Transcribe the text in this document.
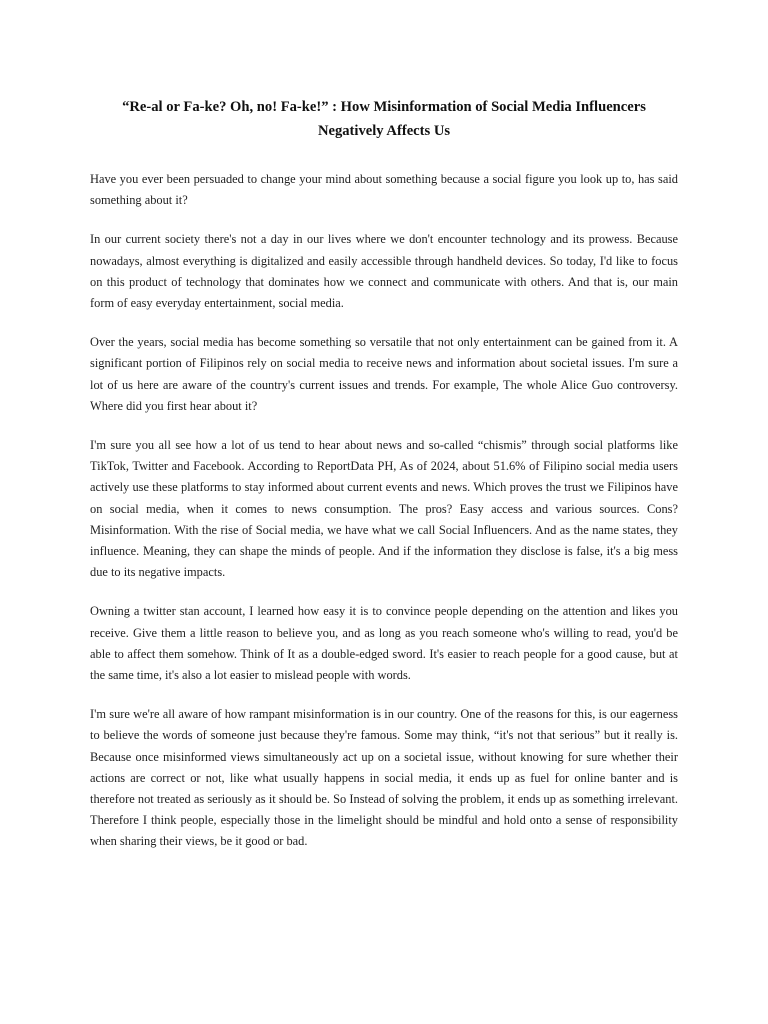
“Re-al or Fa-ke? Oh, no! Fa-ke!” : How Misinformation of Social Media Influencers Negatively Affects Us

Have you ever been persuaded to change your mind about something because a social figure you look up to, has said something about it?

In our current society there's not a day in our lives where we don't encounter technology and its prowess. Because nowadays, almost everything is digitalized and easily accessible through handheld devices. So today, I'd like to focus on this product of technology that dominates how we connect and communicate with others. And that is, our main form of easy everyday entertainment, social media.

Over the years, social media has become something so versatile that not only entertainment can be gained from it. A significant portion of Filipinos rely on social media to receive news and information about societal issues. I'm sure a lot of us here are aware of the country's current issues and trends. For example, The whole Alice Guo controversy. Where did you first hear about it?

I'm sure you all see how a lot of us tend to hear about news and so-called “chismis” through social platforms like TikTok, Twitter and Facebook. According to ReportData PH, As of 2024, about 51.6% of Filipino social media users actively use these platforms to stay informed about current events and news. Which proves the trust we Filipinos have on social media, when it comes to news consumption. The pros? Easy access and various sources. Cons? Misinformation. With the rise of Social media, we have what we call Social Influencers. And as the name states, they influence. Meaning, they can shape the minds of people. And if the information they disclose is false, it's a big mess due to its negative impacts.

Owning a twitter stan account, I learned how easy it is to convince people depending on the attention and likes you receive. Give them a little reason to believe you, and as long as you reach someone who's willing to read, you'd be able to affect them somehow. Think of It as a double-edged sword. It's easier to reach people for a good cause, but at the same time, it's also a lot easier to mislead people with words.

I'm sure we're all aware of how rampant misinformation is in our country. One of the reasons for this, is our eagerness to believe the words of someone just because they're famous. Some may think, “it's not that serious” but it really is. Because once misinformed views simultaneously act up on a societal issue, without knowing for sure whether their actions are correct or not, like what usually happens in social media, it ends up as fuel for online banter and is therefore not treated as seriously as it should be. So Instead of solving the problem, it ends up as something irrelevant. Therefore I think people, especially those in the limelight should be mindful and hold onto a sense of responsibility when sharing their views, be it good or bad.
